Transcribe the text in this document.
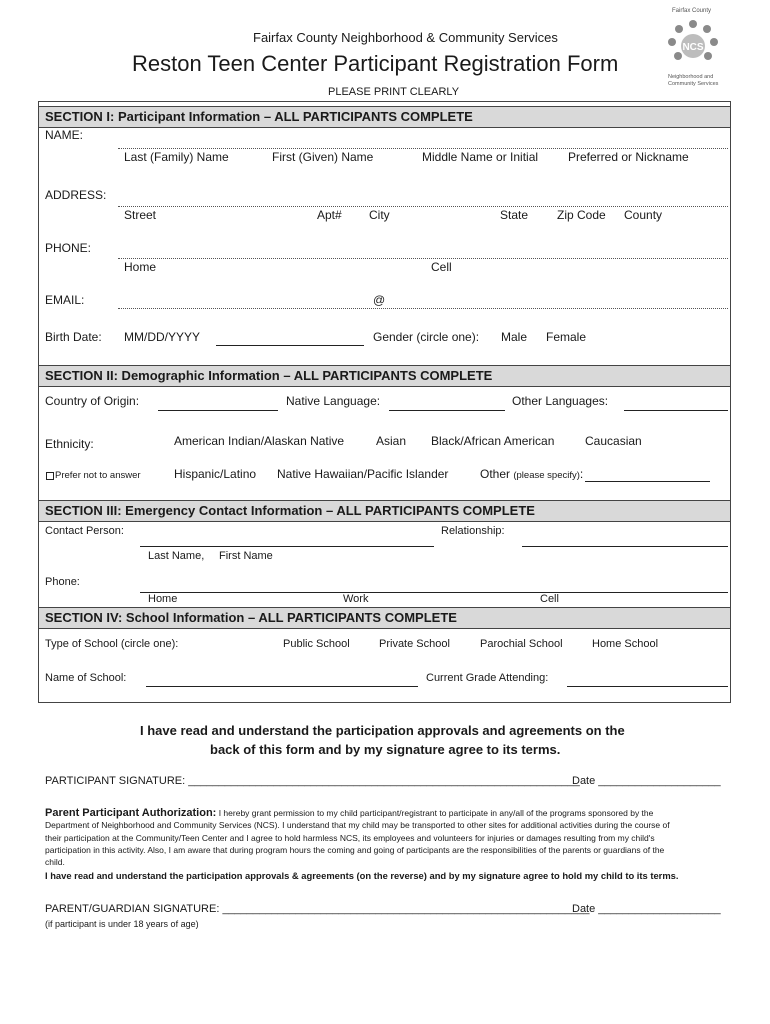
Fairfax County Neighborhood & Community Services
Reston Teen Center Participant Registration Form
PLEASE PRINT CLEARLY
Fairfax County
NCS
Neighborhood and Community Services
SECTION I: Participant Information – ALL PARTICIPANTS COMPLETE
NAME:
Last (Family) Name	First (Given) Name	Middle Name or Initial Preferred or Nickname
ADDRESS:
Street	Apt# City	State Zip Code County
PHONE:
Home	Cell
EMAIL:	@
Birth Date: MM/DD/YYYY	Gender (circle one): Male Female
SECTION II: Demographic Information – ALL PARTICIPANTS COMPLETE
Country of Origin:	Native Language:	Other Languages:
Ethnicity:	American Indian/Alaskan Native	Asian Black/African American	Caucasian
Prefer not to answer	Hispanic/Latino Native Hawaiian/Pacific Islander	Other (please specify):
SECTION III: Emergency Contact Information – ALL PARTICIPANTS COMPLETE
Contact Person:	Relationship:
Last Name, First Name
Phone:
Home	Work	Cell
SECTION IV: School Information – ALL PARTICIPANTS COMPLETE
Type of School (circle one):	Public School	Private School	Parochial School	Home School
Name of School:	Current Grade Attending:
I have read and understand the participation approvals and agreements on the
back of this form and by my signature agree to its terms.
PARTICIPANT SIGNATURE: ________________________________________________________________
Date ____________________
Parent Participant Authorization: I hereby grant permission to my child participant/registrant to participate in any/all of the programs sponsored by the
Department of Neighborhood and Community Services (NCS). I understand that my child may be transported to other sites for additional activities during the course of
their participation at the Community/Teen Center and I agree to hold harmless NCS, its employees and volunteers for injuries or damages resulting from my child's
participation in this activity. Also, I am aware that during program hours the coming and going of participants are the responsibilities of the parents or guardians of the
child.
I have read and understand the participation approvals & agreements (on the reverse) and by my signature agree to hold my child to its terms.
PARENT/GUARDIAN SIGNATURE: ____________________________________________________________
Date ____________________
(if participant is under 18 years of age)
